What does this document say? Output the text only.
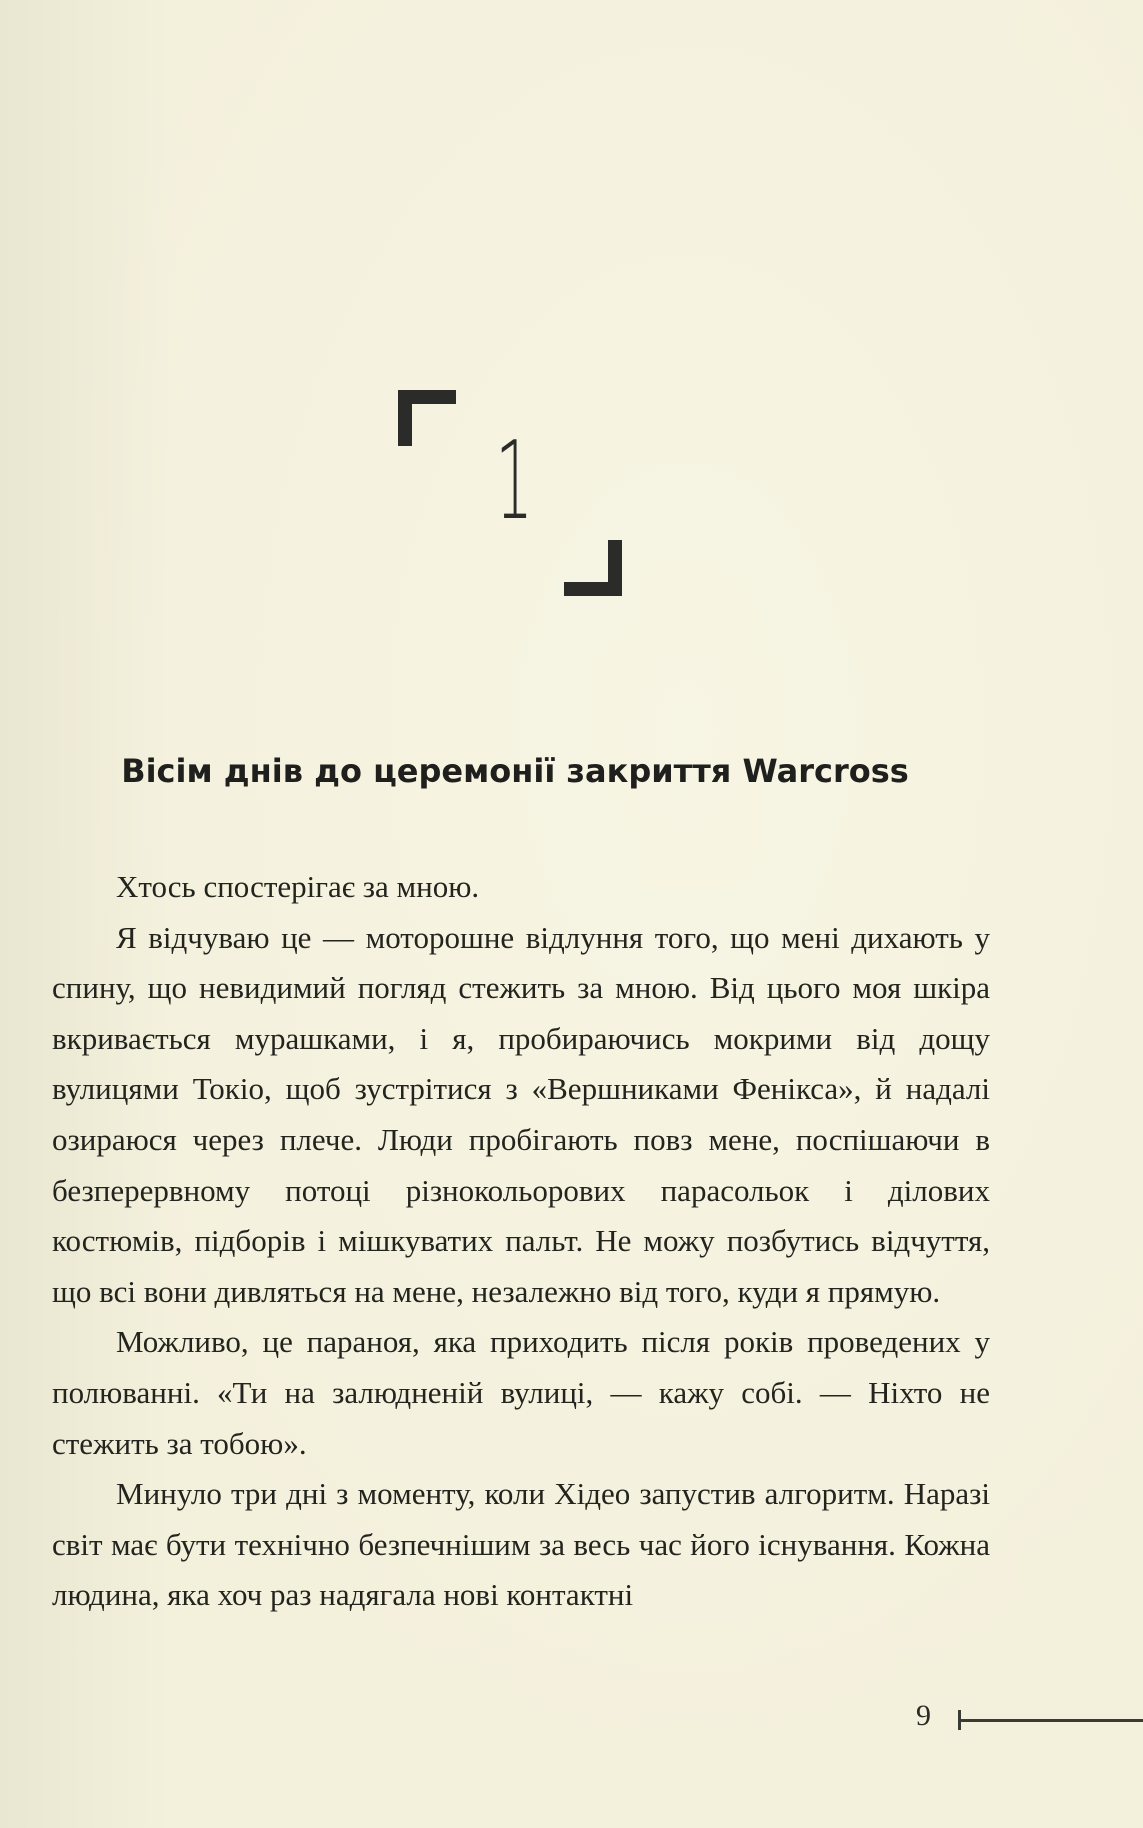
1
Вісім днів до церемонії закриття Warcross

Хтось спостерігає за мною.

Я відчуваю це — моторошне відлуння того, що мені дихають у спину, що невидимий погляд стежить за мною. Від цього моя шкіра вкривається мурашками, і я, пробираючись мокрими від дощу вулицями Токіо, щоб зустрітися з «Вершниками Фенікса», й надалі озираюся через плече. Люди пробігають повз мене, поспішаючи в безперервному потоці різнокольорових парасольок і ділових костюмів, підборів і мішкуватих пальт. Не можу позбутись відчуття, що всі вони дивляться на мене, незалежно від того, куди я прямую.

Можливо, це параноя, яка приходить після років проведених у полюванні. «Ти на залюдненій вулиці, — кажу собі. — Ніхто не стежить за тобою».

Минуло три дні з моменту, коли Хідео запустив алгоритм. Наразі світ має бути технічно безпечнішим за весь час його існування. Кожна людина, яка хоч раз надягала нові контактні

9
